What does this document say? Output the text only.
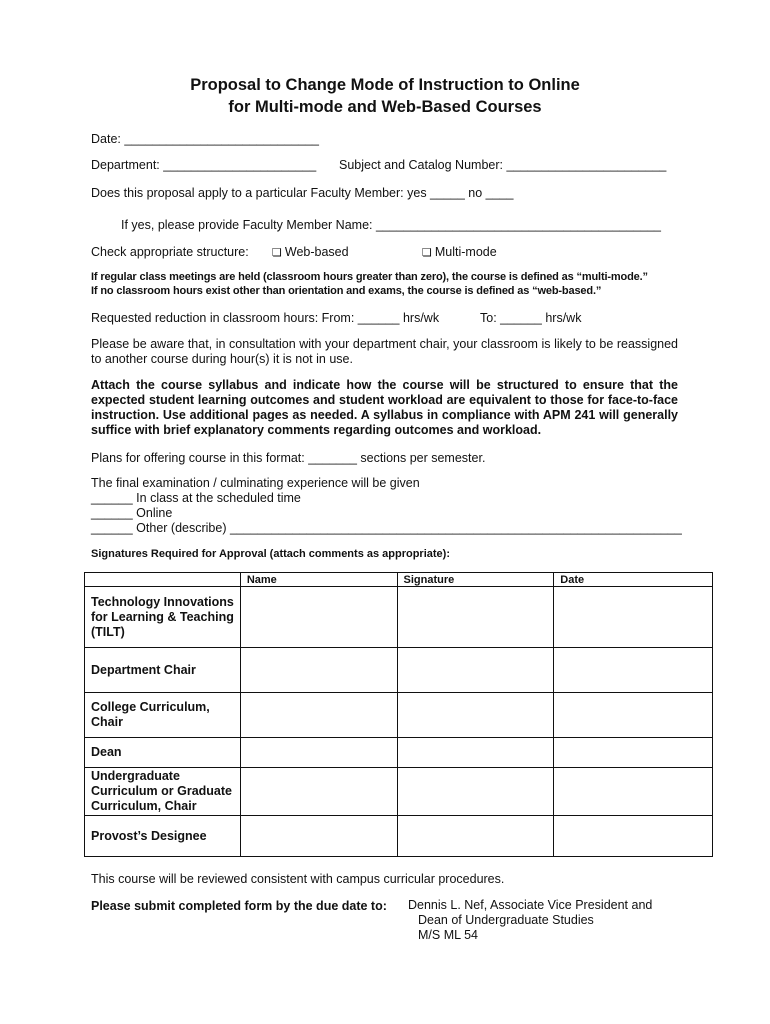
Proposal to Change Mode of Instruction to Online
for Multi-mode and Web-Based Courses
Date: ____________________________
Department: ______________________ Subject and Catalog Number: _______________________
Does this proposal apply to a particular Faculty Member: yes _____ no ____
If yes, please provide Faculty Member Name: _________________________________________
Check appropriate structure: ❏ Web-based	❏ Multi-mode
If regular class meetings are held (classroom hours greater than zero), the course is defined as “multi-mode.”
If no classroom hours exist other than orientation and exams, the course is defined as “web-based.”
Requested reduction in classroom hours: From: ______ hrs/wk	To: ______ hrs/wk
Please be aware that, in consultation with your department chair, your classroom is likely to be reassigned to another course during hour(s) it is not in use.
Attach the course syllabus and indicate how the course will be structured to ensure that the expected student learning outcomes and student workload are equivalent to those for face-to-face instruction. Use additional pages as needed. A syllabus in compliance with APM 241 will generally suffice with brief explanatory comments regarding outcomes and workload.
Plans for offering course in this format: _______ sections per semester.
The final examination / culminating experience will be given
______ In class at the scheduled time
______ Online
______ Other (describe) _________________________________________________________________
Signatures Required for Approval (attach comments as appropriate):
	Name	Signature	Date
Technology Innovations for Learning & Teaching (TILT)			
Department Chair			
College Curriculum, Chair			
Dean			
Undergraduate Curriculum or Graduate Curriculum, Chair			
Provost’s Designee			
This course will be reviewed consistent with campus curricular procedures.
Please submit completed form by the due date to: Dennis L. Nef, Associate Vice President and
Dean of Undergraduate Studies
M/S ML 54
